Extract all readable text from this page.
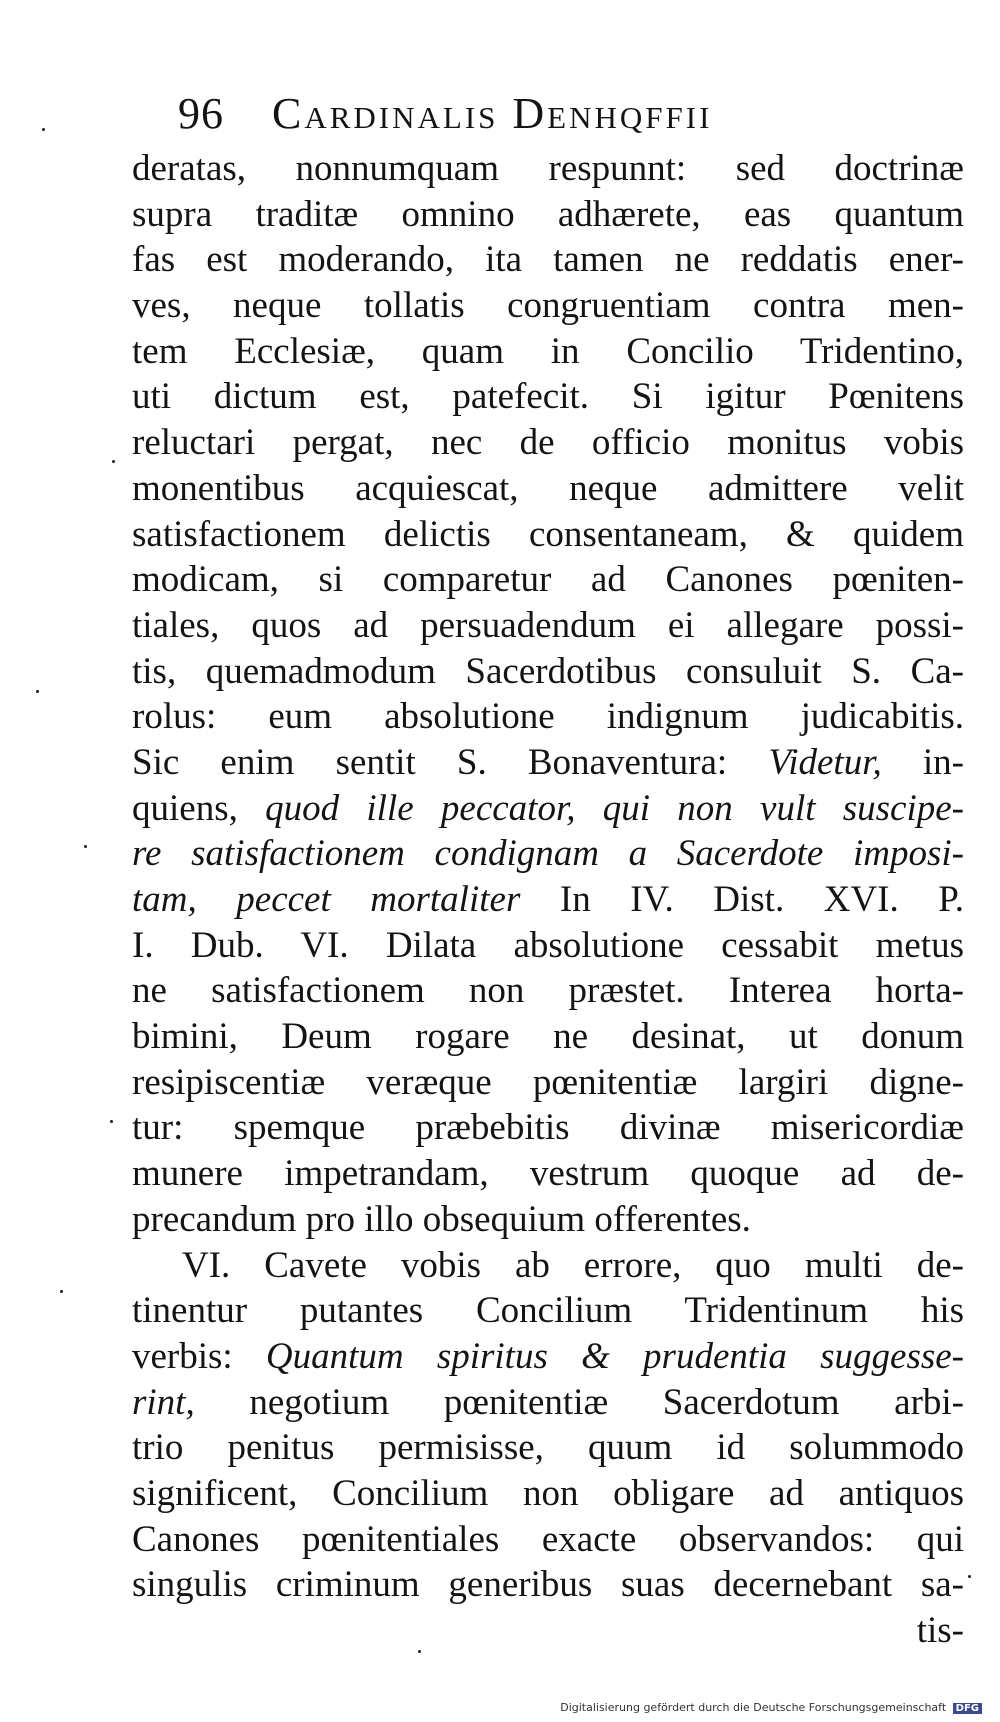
96 Cardinalis Denhqffii
deratas, nonnumquam respunnt: sed doctrinæ
supra traditæ omnino adhærete, eas quantum
fas est moderando, ita tamen ne reddatis ener-
ves, neque tollatis congruentiam contra men-
tem Ecclesiæ, quam in Concilio Tridentino,
uti dictum est, patefecit. Si igitur Pœnitens
reluctari pergat, nec de officio monitus vobis
monentibus acquiescat, neque admittere velit
satisfactionem delictis consentaneam, & quidem
modicam, si comparetur ad Canones pœniten-
tiales, quos ad persuadendum ei allegare possi-
tis, quemadmodum Sacerdotibus consuluit S. Ca-
rolus: eum absolutione indignum judicabitis.
Sic enim sentit S. Bonaventura: Videtur, in-
quiens, quod ille peccator, qui non vult suscipe-
re satisfactionem condignam a Sacerdote imposi-
tam, peccet mortaliter In IV. Dist. XVI. P.
I. Dub. VI. Dilata absolutione cessabit metus
ne satisfactionem non præstet. Interea horta-
bimini, Deum rogare ne desinat, ut donum
resipiscentiæ veræque pœnitentiæ largiri digne-
tur: spemque præbebitis divinæ misericordiæ
munere impetrandam, vestrum quoque ad de-
precandum pro illo obsequium offerentes.
VI. Cavete vobis ab errore, quo multi de-
tinentur putantes Concilium Tridentinum his
verbis: Quantum spiritus & prudentia suggesse-
rint, negotium pœnitentiæ Sacerdotum arbi-
trio penitus permisisse, quum id solummodo
significent, Concilium non obligare ad antiquos
Canones pœnitentiales exacte observandos: qui
singulis criminum generibus suas decernebant sa-
tis-
Digitalisierung gefördert durch die Deutsche Forschungsgemeinschaft DFG
